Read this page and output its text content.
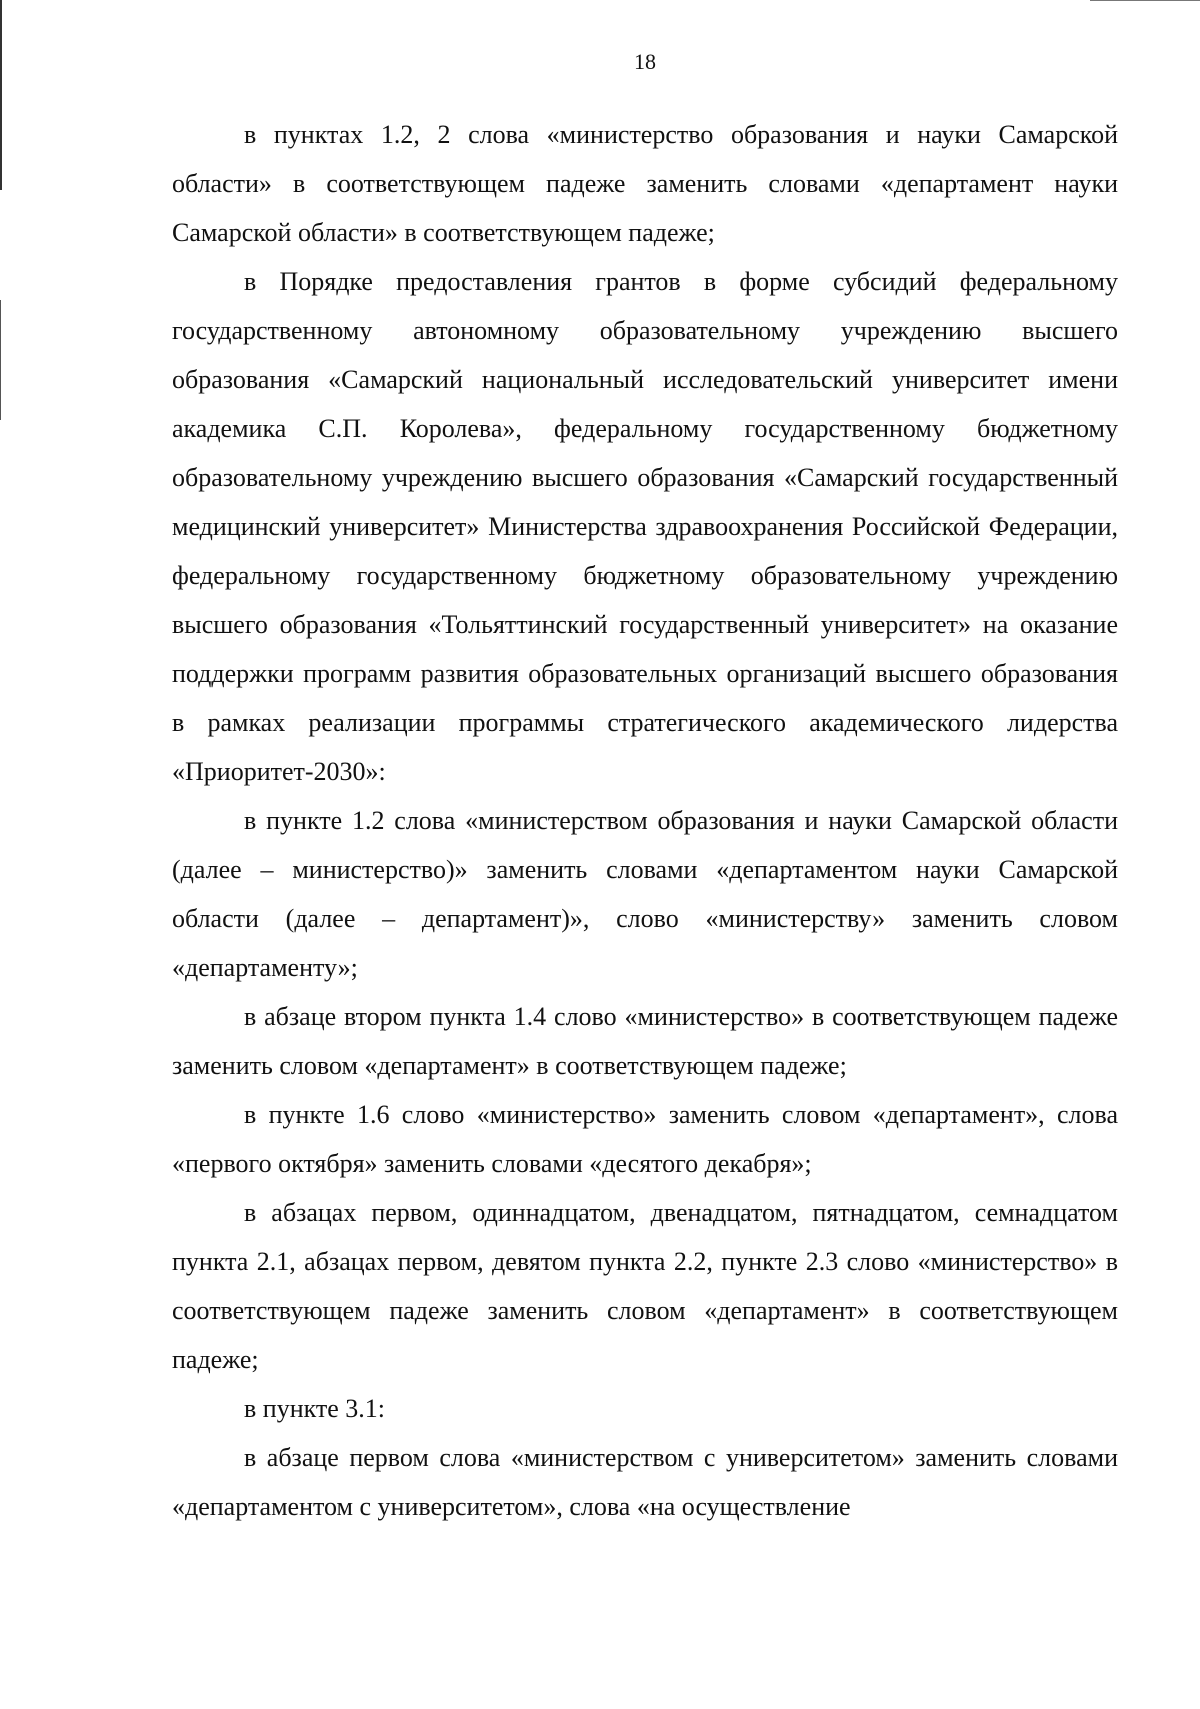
18

в пунктах 1.2, 2 слова «министерство образования и науки Самарской области» в соответствующем падеже заменить словами «департамент науки Самарской области» в соответствующем падеже;

в Порядке предоставления грантов в форме субсидий федеральному государственному автономному образовательному учреждению высшего образования «Самарский национальный исследовательский университет имени академика С.П. Королева», федеральному государственному бюджетному образовательному учреждению высшего образования «Самарский государственный медицинский университет» Министерства здравоохранения Российской Федерации, федеральному государственному бюджетному образовательному учреждению высшего образования «Тольяттинский государственный университет» на оказание поддержки программ развития образовательных организаций высшего образования в рамках реализации программы стратегического академического лидерства «Приоритет-2030»:

в пункте 1.2 слова «министерством образования и науки Самарской области (далее – министерство)» заменить словами «департаментом науки Самарской области (далее – департамент)», слово «министерству» заменить словом «департаменту»;

в абзаце втором пункта 1.4 слово «министерство» в соответствующем падеже заменить словом «департамент» в соответствующем падеже;

в пункте 1.6 слово «министерство» заменить словом «департамент», слова «первого октября» заменить словами «десятого декабря»;

в абзацах первом, одиннадцатом, двенадцатом, пятнадцатом, семнадцатом пункта 2.1, абзацах первом, девятом пункта 2.2, пункте 2.3 слово «министерство» в соответствующем падеже заменить словом «департамент» в соответствующем падеже;

в пункте 3.1:

в абзаце первом слова «министерством с университетом» заменить словами «департаментом с университетом», слова «на осуществление
